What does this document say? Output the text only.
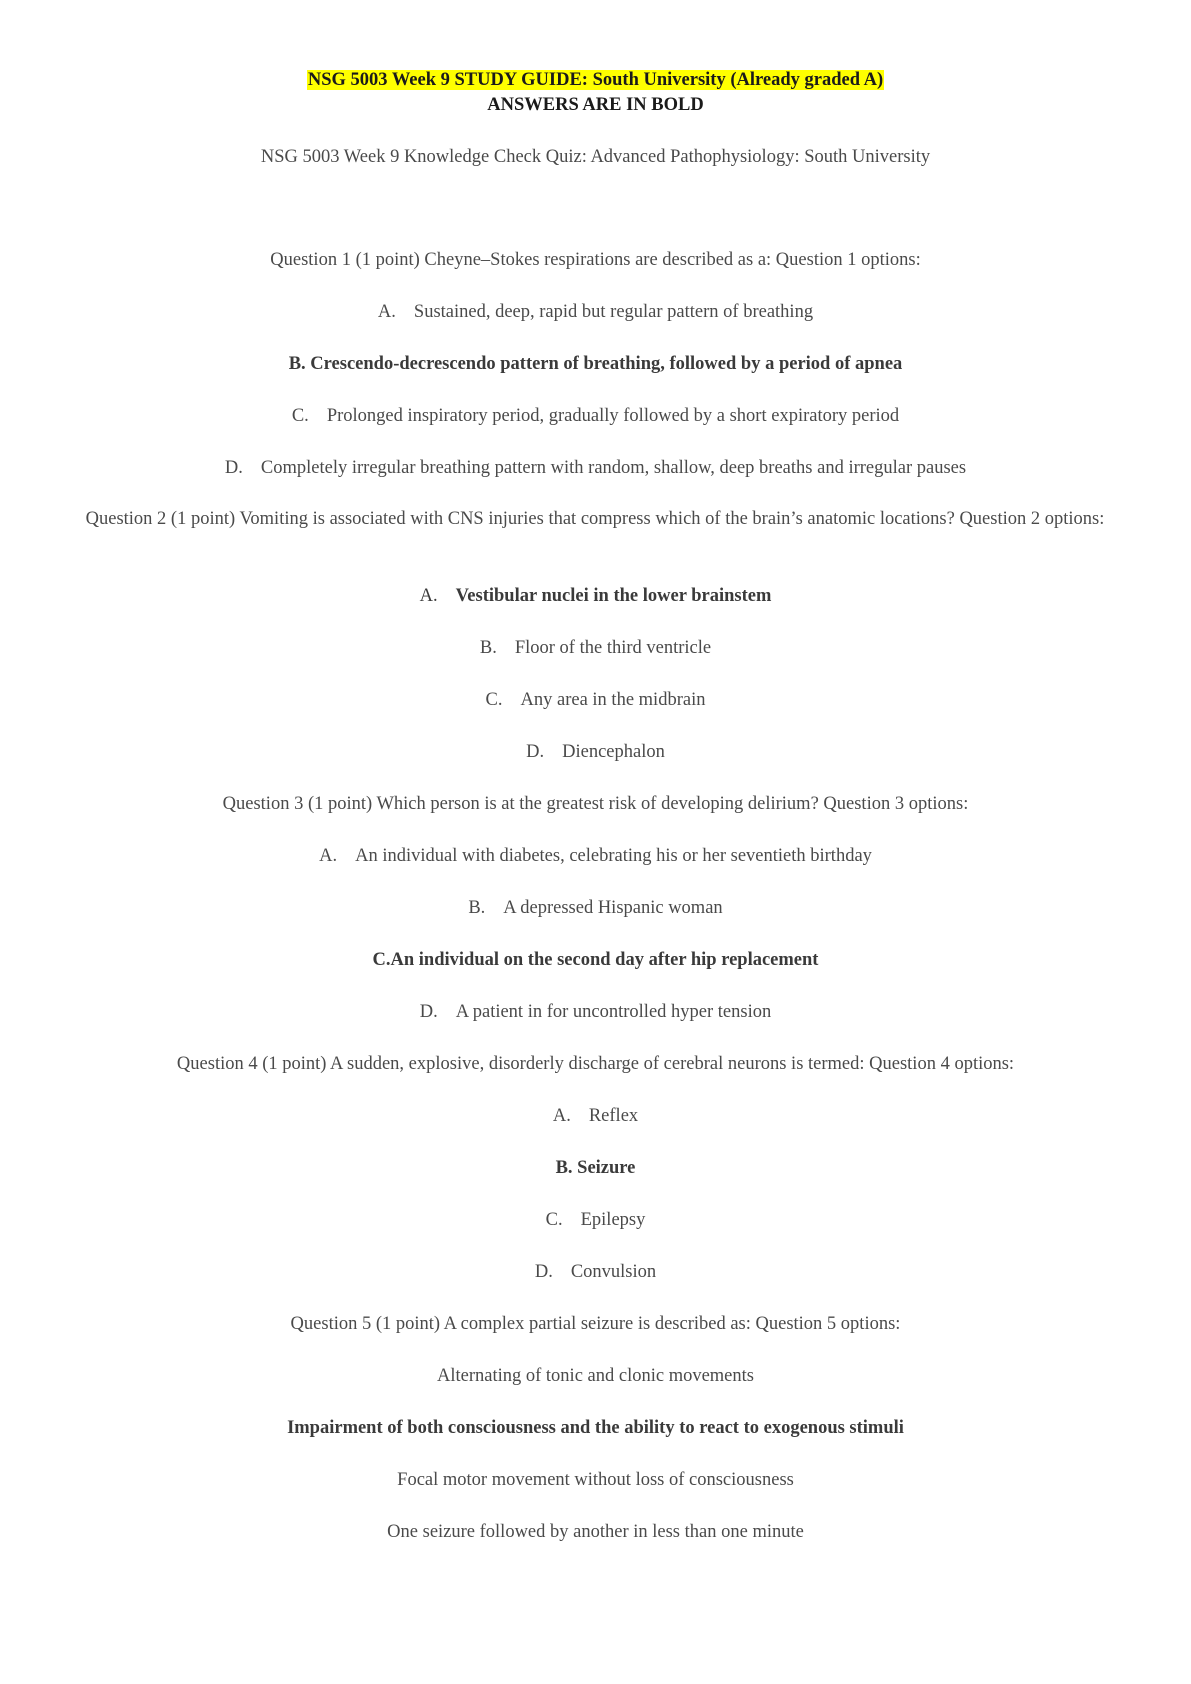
NSG 5003 Week 9 STUDY GUIDE: South University (Already graded A)
ANSWERS ARE IN BOLD
NSG 5003 Week 9 Knowledge Check Quiz: Advanced Pathophysiology: South University
Question 1 (1 point) Cheyne–Stokes respirations are described as a: Question 1 options:
A. Sustained, deep, rapid but regular pattern of breathing
B. Crescendo-decrescendo pattern of breathing, followed by a period of apnea
C. Prolonged inspiratory period, gradually followed by a short expiratory period
D. Completely irregular breathing pattern with random, shallow, deep breaths and irregular pauses
Question 2 (1 point) Vomiting is associated with CNS injuries that compress which of the brain’s anatomic locations? Question 2 options:
A. Vestibular nuclei in the lower brainstem
B. Floor of the third ventricle
C. Any area in the midbrain
D. Diencephalon
Question 3 (1 point) Which person is at the greatest risk of developing delirium? Question 3 options:
A. An individual with diabetes, celebrating his or her seventieth birthday
B. A depressed Hispanic woman
C.An individual on the second day after hip replacement
D. A patient in for uncontrolled hyper tension
Question 4 (1 point) A sudden, explosive, disorderly discharge of cerebral neurons is termed: Question 4 options:
A. Reflex
B. Seizure
C. Epilepsy
D. Convulsion
Question 5 (1 point) A complex partial seizure is described as: Question 5 options:
Alternating of tonic and clonic movements
Impairment of both consciousness and the ability to react to exogenous stimuli
Focal motor movement without loss of consciousness
One seizure followed by another in less than one minute
